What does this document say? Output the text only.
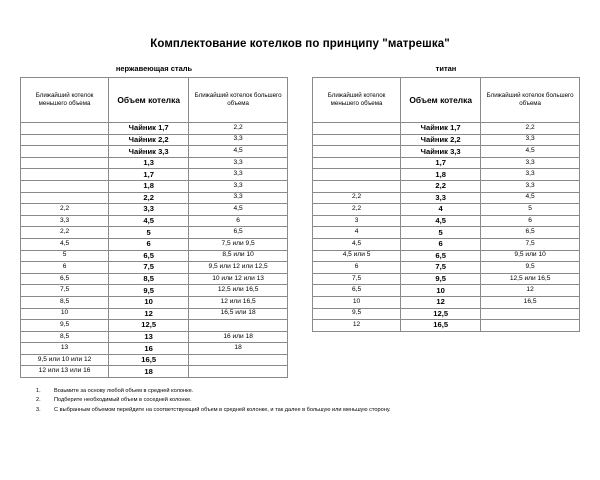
Комплектование котелков по принципу "матрешка"
нержавеющая сталь
Ближайший котелок меньшего объема	Объем котелка	Ближайший котелок большего объема
	Чайник 1,7	2,2
	Чайник 2,2	3,3
	Чайник 3,3	4,5
	1,3	3,3
	1,7	3,3
	1,8	3,3
	2,2	3,3
2,2	3,3	4,5
3,3	4,5	6
2,2	5	6,5
4,5	6	7,5 или 9,5
5	6,5	8,5 или 10
6	7,5	9,5 или 12 или 12,5
6,5	8,5	10 или 12 или 13
7,5	9,5	12,5 или 16,5
8,5	10	12 или 16,5
10	12	16,5 или 18
9,5	12,5	
8,5	13	16 или 18
13	16	18
9,5 или 10 или 12	16,5	
12 или 13 или 16	18	
титан
Ближайший котелок меньшего объема	Объем котелка	Ближайший котелок большего объема
	Чайник 1,7	2,2
	Чайник 2,2	3,3
	Чайник 3,3	4,5
	1,7	3,3
	1,8	3,3
	2,2	3,3
2,2	3,3	4,5
2,2	4	5
3	4,5	6
4	5	6,5
4,5	6	7,5
4,5 или 5	6,5	9,5 или 10
6	7,5	9,5
7,5	9,5	12,5 или 16,5
6,5	10	12
10	12	16,5
9,5	12,5	
12	16,5	
1.	Возьмите за основу любой объем в средней колонке.
2.	Подберите необходимый объем в соседней колонке.
3.	С выбранным объемом перейдите на соответствующий объем в средней колонке, и так далее в большую или меньшую сторону.
